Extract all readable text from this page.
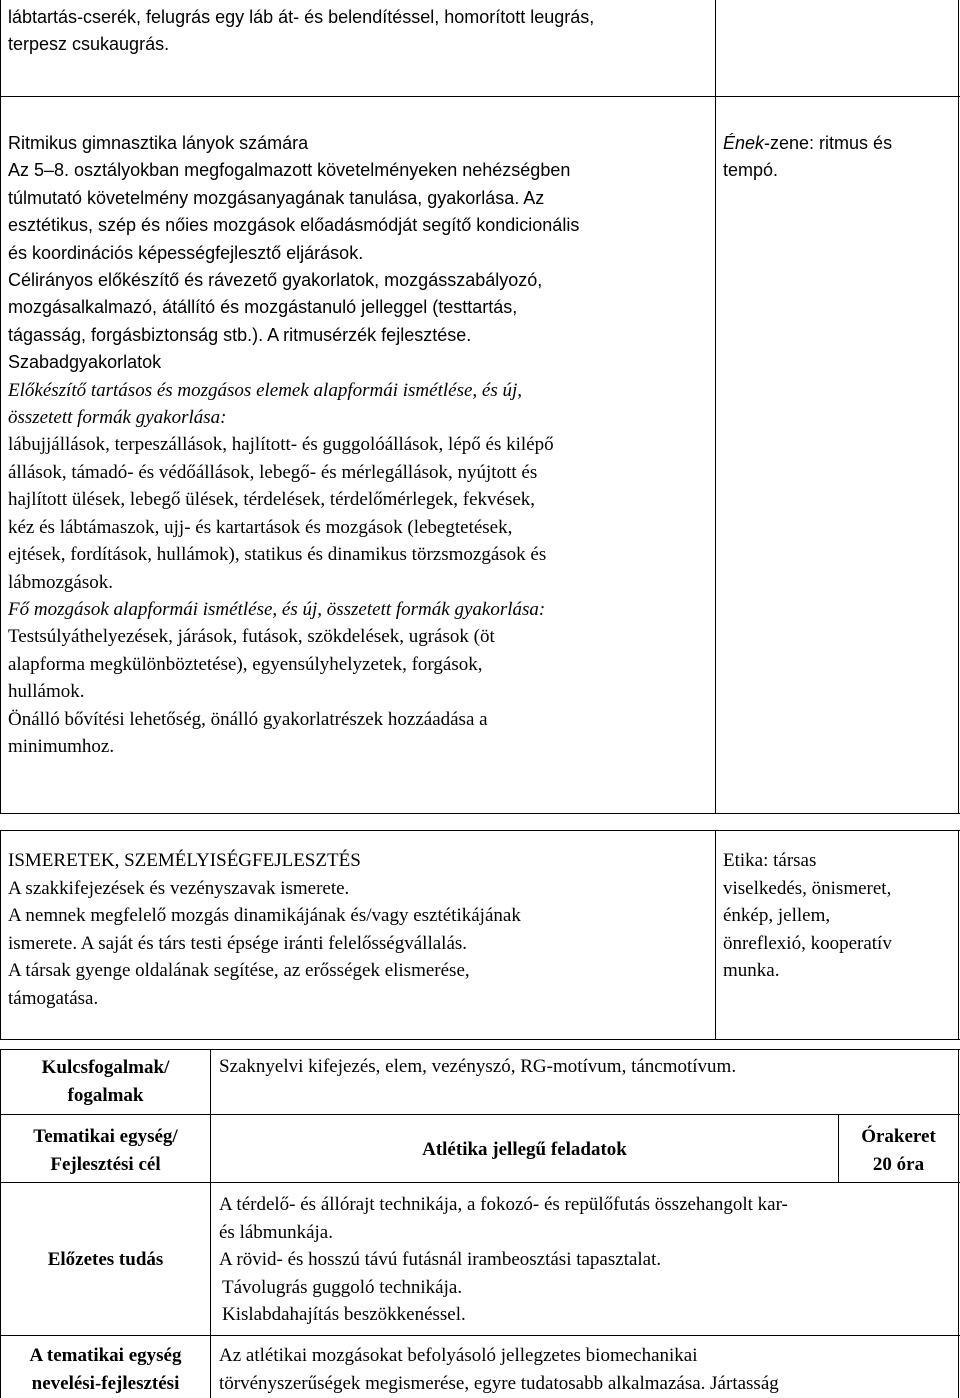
lábtartás-cserék, felugrás egy láb át- és belendítéssel, homorított leugrás,

terpesz csukaugrás.

Ritmikus gimnasztika lányok számára

Az 5–8. osztályokban megfogalmazott követelményeken nehézségben

túlmutató követelmény mozgásanyagának tanulása, gyakorlása. Az

esztétikus, szép és nőies mozgások előadásmódját segítő kondicionális

és koordinációs képességfejlesztő eljárások.

Célirányos előkészítő és rávezető gyakorlatok, mozgásszabályozó,

mozgásalkalmazó, átállító és mozgástanuló jelleggel (testtartás,

tágasság, forgásbiztonság stb.). A ritmusérzék fejlesztése.

Szabadgyakorlatok

Előkészítő tartásos és mozgásos elemek alapformái ismétlése, és új,

összetett formák gyakorlása:

lábujjállások, terpeszállások, hajlított- és guggolóállások, lépő és kilépő

állások, támadó- és védőállások, lebegő- és mérlegállások, nyújtott és

hajlított ülések, lebegő ülések, térdelések, térdelőmérlegek, fekvések,

kéz és lábtámaszok, ujj- és kartartások és mozgások (lebegtetések,

ejtések, fordítások, hullámok), statikus és dinamikus törzsmozgások és

lábmozgások.

Fő mozgások alapformái ismétlése, és új, összetett formák gyakorlása:

Testsúlyáthelyezések, járások, futások, szökdelések, ugrások (öt

alapforma megkülönböztetése), egyensúlyhelyzetek, forgások,

hullámok.

Önálló bővítési lehetőség, önálló gyakorlatrészek hozzáadása a

minimumhoz.

Ének-zene: ritmus és

tempó.

ISMERETEK, SZEMÉLYISÉGFEJLESZTÉS

A szakkifejezések és vezényszavak ismerete.

A nemnek megfelelő mozgás dinamikájának és/vagy esztétikájának

ismerete. A saját és társ testi épsége iránti felelősségvállalás.

A társak gyenge oldalának segítése, az erősségek elismerése,

támogatása.

Etika: társas

viselkedés, önismeret,

énkép, jellem,

önreflexió, kooperatív

munka.

Kulcsfogalmak/

fogalmak

Szaknyelvi kifejezés, elem, vezényszó, RG-motívum, táncmotívum.

Tematikai egység/

Fejlesztési cél

Atlétika jellegű feladatok

Órakeret

20 óra

Előzetes tudás

A térdelő- és állórajt technikája, a fokozó- és repülőfutás összehangolt kar-

és lábmunkája.

A rövid- és hosszú távú futásnál irambeosztási tapasztalat.

Távolugrás guggoló technikája.

Kislabdahajítás beszökkenéssel.

A tematikai egység

nevelési-fejlesztési

Az atlétikai mozgásokat befolyásoló jellegzetes biomechanikai

törvényszerűségek megismerése, egyre tudatosabb alkalmazása. Jártasság
